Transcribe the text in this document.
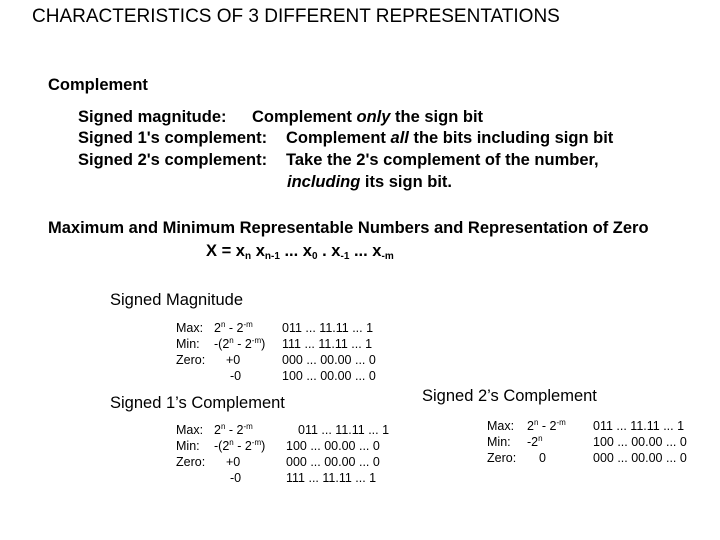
CHARACTERISTICS OF 3 DIFFERENT REPRESENTATIONS
Complement
Signed magnitude: Complement only the sign bit
Signed 1's complement: Complement all the bits including sign bit
Signed 2's complement: Take the 2's complement of the number,
including its sign bit.
Maximum and Minimum Representable Numbers and Representation of Zero
$X = x_n$ $x_{n-1}$ ... $x_0$ . $x_{-1}$ ... $x_{-m}$
Signed Magnitude
Max: $2^n - 2^{-m}$ 011 ... 11.11 ... 1
Min: $-(2^n - 2^{-m})$ 111 ... 11.11 ... 1
Zero: +0	000 ... 00.00 ... 0
-0	100 ... 00.00 ... 0
Signed 1’s Complement
Max: $2^n - 2^{-m}$	011 ... 11.11 ... 1
Min: $-(2^n - 2^{-m})$ 100 ... 00.00 ... 0
Zero: +0	000 ... 00.00 ... 0
-0	111 ... 11.11 ... 1
Signed 2’s Complement
Max: $2^n - 2^{-m}$ 011 ... 11.11 ... 1
Min: -2$^n$	100 ... 00.00 ... 0
Zero: 0	000 ... 00.00 ... 0
